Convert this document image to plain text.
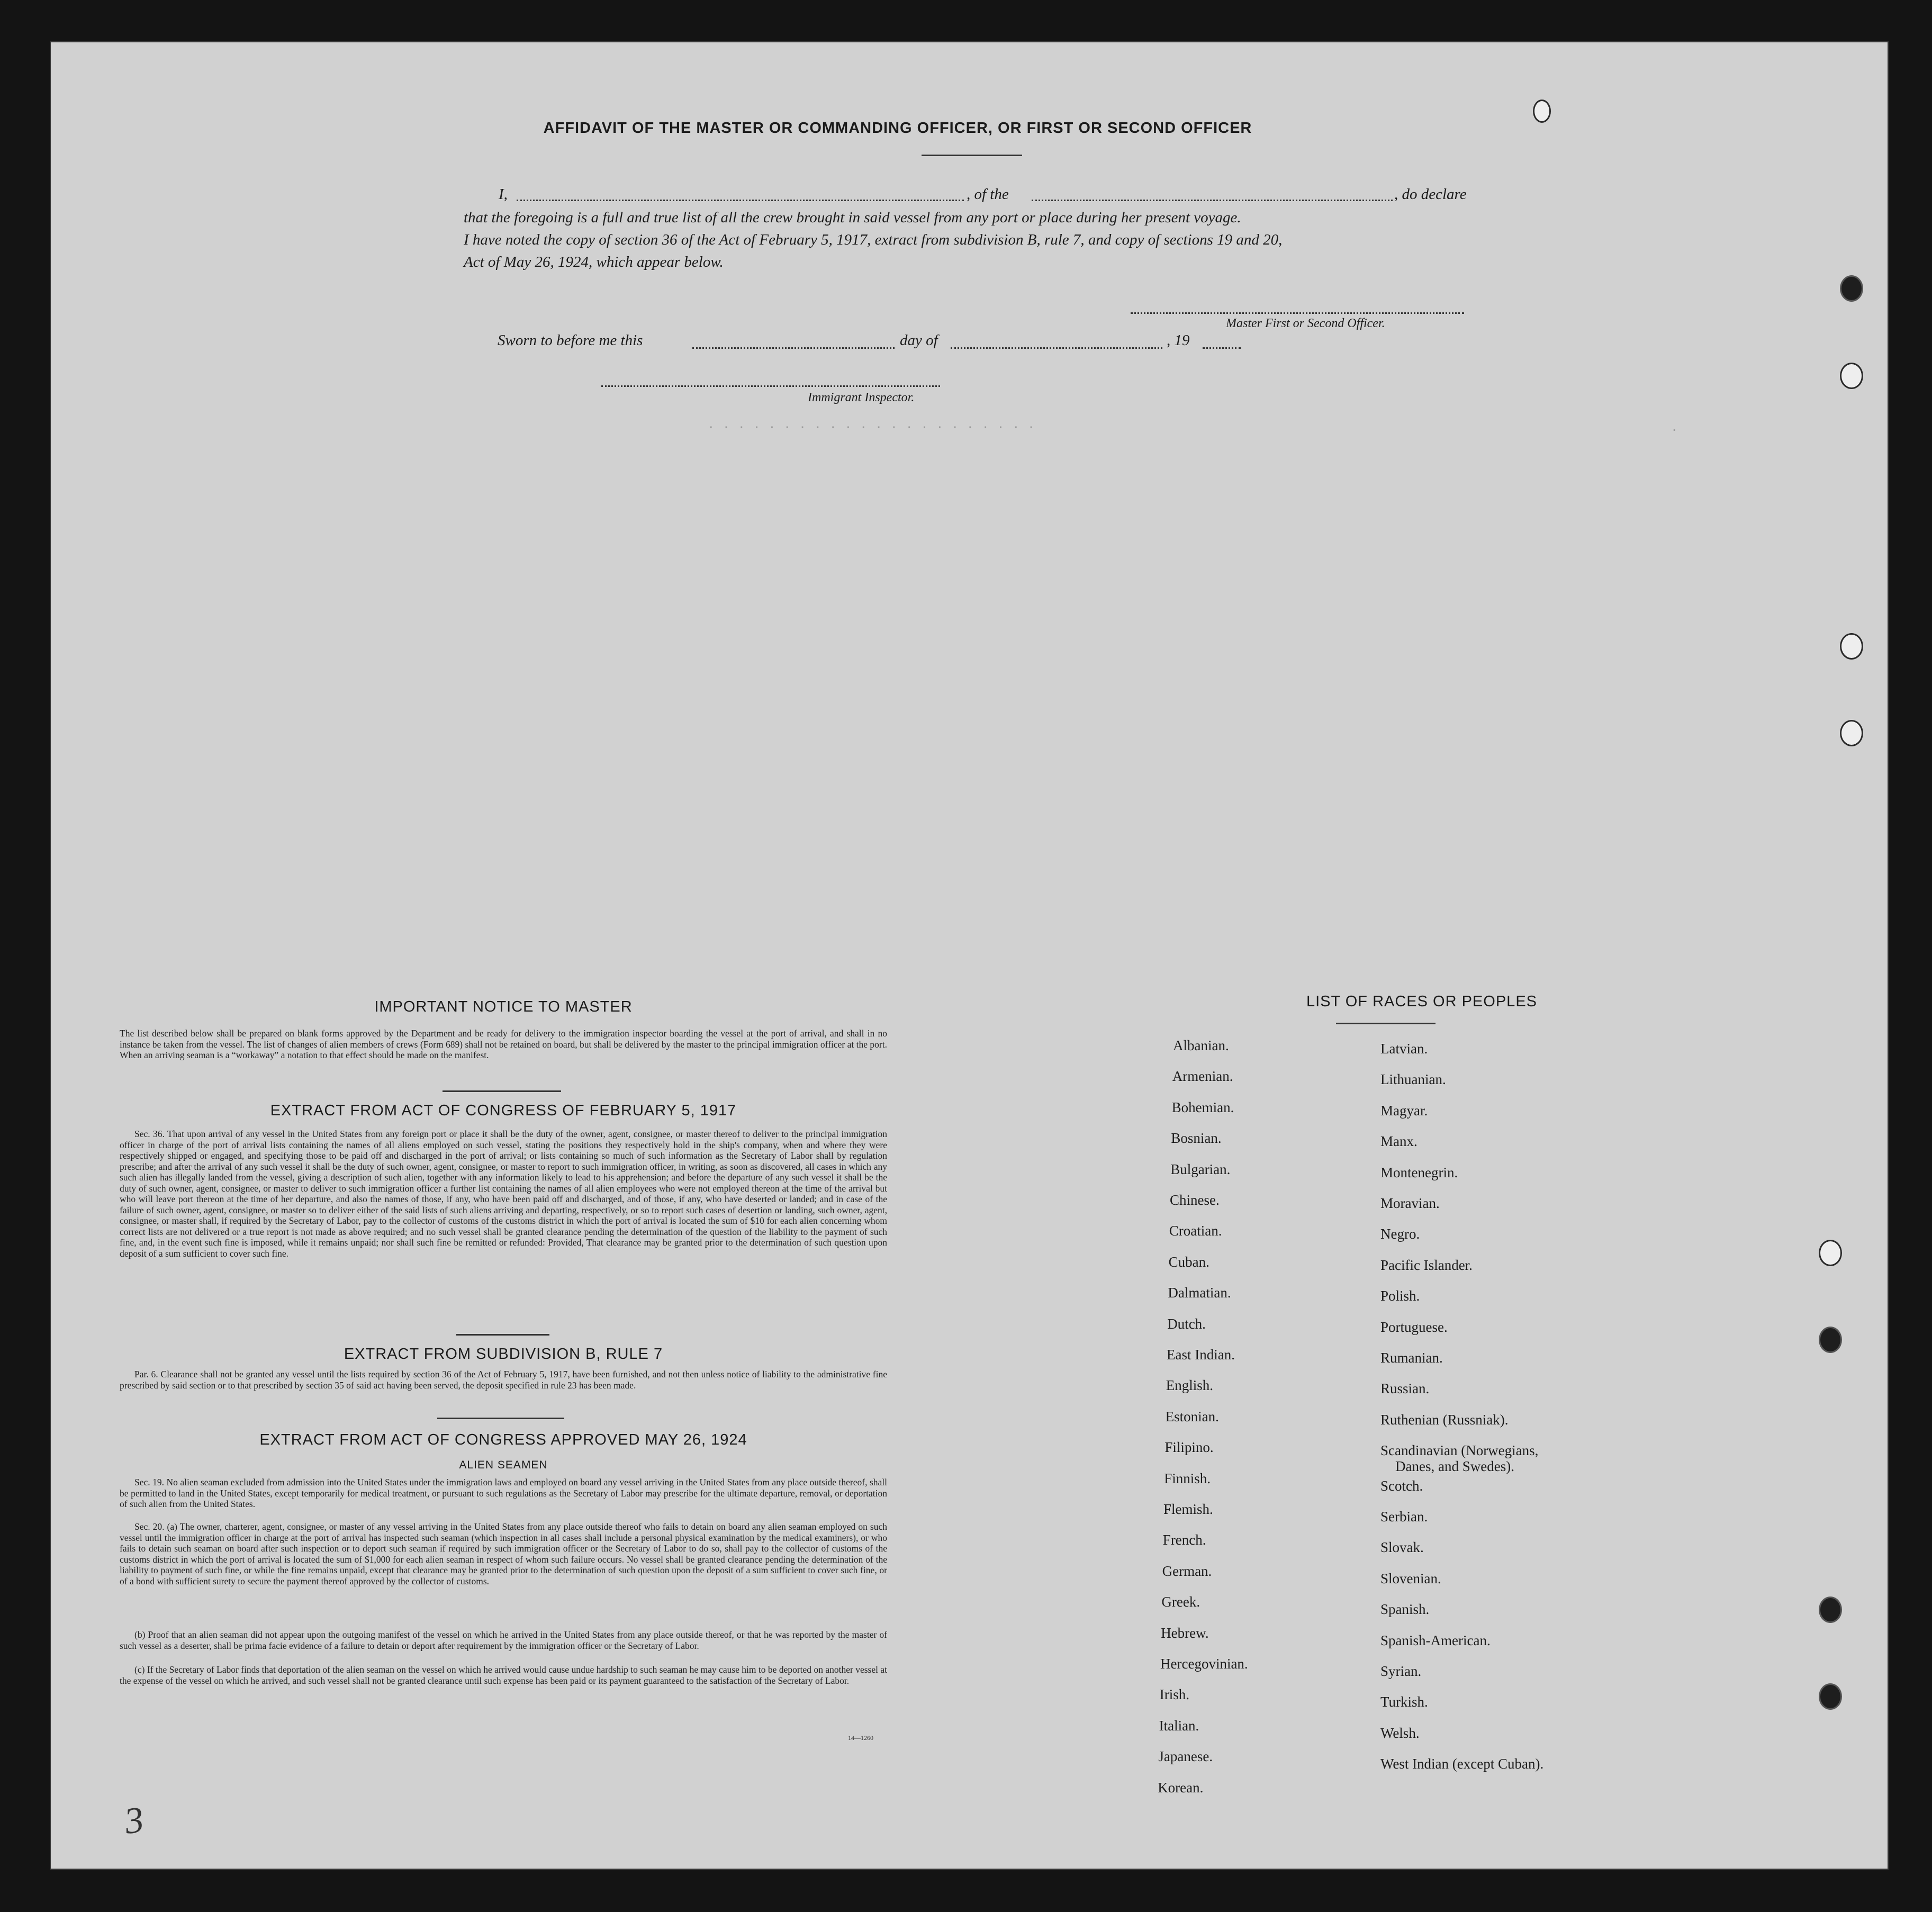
· · · · · · · · · · · · · · · · · · · · · ·	·
AFFIDAVIT OF THE MASTER OR COMMANDING OFFICER, OR FIRST OR SECOND OFFICER
I,	, of the	, do declare
that the foregoing is a full and true list of all the crew brought in said vessel from any port or place during her present voyage.
I have noted the copy of section 36 of the Act of February 5, 1917, extract from subdivision B, rule 7, and copy of sections 19 and 20,
Act of May 26, 1924, which appear below.
Master First or Second Officer.
Sworn to before me this	day of	, 19
Immigrant Inspector.
IMPORTANT NOTICE TO MASTER
The list described below shall be prepared on blank forms approved by the Department and be ready for delivery to the immigration inspector boarding the vessel at the port of arrival, and shall in no instance be taken from the vessel. The list of changes of alien members of crews (Form 689) shall not be retained on board, but shall be delivered by the master to the principal immigration officer at the port. When an arriving seaman is a “workaway” a notation to that effect should be made on the manifest.
EXTRACT FROM ACT OF CONGRESS OF FEBRUARY 5, 1917
Sec. 36. That upon arrival of any vessel in the United States from any foreign port or place it shall be the duty of the owner, agent, consignee, or master thereof to deliver to the principal immigration officer in charge of the port of arrival lists containing the names of all aliens employed on such vessel, stating the positions they respectively hold in the ship's company, when and where they were respectively shipped or engaged, and specifying those to be paid off and discharged in the port of arrival; or lists containing so much of such information as the Secretary of Labor shall by regulation prescribe; and after the arrival of any such vessel it shall be the duty of such owner, agent, consignee, or master to report to such immigration officer, in writing, as soon as discovered, all cases in which any such alien has illegally landed from the vessel, giving a description of such alien, together with any information likely to lead to his apprehension; and before the departure of any such vessel it shall be the duty of such owner, agent, consignee, or master to deliver to such immigration officer a further list containing the names of all alien employees who were not employed thereon at the time of the arrival but who will leave port thereon at the time of her departure, and also the names of those, if any, who have been paid off and discharged, and of those, if any, who have deserted or landed; and in case of the failure of such owner, agent, consignee, or master so to deliver either of the said lists of such aliens arriving and departing, respectively, or so to report such cases of desertion or landing, such owner, agent, consignee, or master shall, if required by the Secretary of Labor, pay to the collector of customs of the customs district in which the port of arrival is located the sum of $10 for each alien concerning whom correct lists are not delivered or a true report is not made as above required; and no such vessel shall be granted clearance pending the determination of the question of the liability to the payment of such fine, and, in the event such fine is imposed, while it remains unpaid; nor shall such fine be remitted or refunded: Provided, That clearance may be granted prior to the determination of such question upon deposit of a sum sufficient to cover such fine.
EXTRACT FROM SUBDIVISION B, RULE 7
Par. 6. Clearance shall not be granted any vessel until the lists required by section 36 of the Act of February 5, 1917, have been furnished, and not then unless notice of liability to the administrative fine prescribed by said section or to that prescribed by section 35 of said act having been served, the deposit specified in rule 23 has been made.
EXTRACT FROM ACT OF CONGRESS APPROVED MAY 26, 1924
ALIEN SEAMEN
Sec. 19. No alien seaman excluded from admission into the United States under the immigration laws and employed on board any vessel arriving in the United States from any place outside thereof, shall be permitted to land in the United States, except temporarily for medical treatment, or pursuant to such regulations as the Secretary of Labor may prescribe for the ultimate departure, removal, or deportation of such alien from the United States.
Sec. 20. (a) The owner, charterer, agent, consignee, or master of any vessel arriving in the United States from any place outside thereof who fails to detain on board any alien seaman employed on such vessel until the immigration officer in charge at the port of arrival has inspected such seaman (which inspection in all cases shall include a personal physical examination by the medical examiners), or who fails to detain such seaman on board after such inspection or to deport such seaman if required by such immigration officer or the Secretary of Labor to do so, shall pay to the collector of customs of the customs district in which the port of arrival is located the sum of $1,000 for each alien seaman in respect of whom such failure occurs. No vessel shall be granted clearance pending the determination of the liability to payment of such fine, or while the fine remains unpaid, except that clearance may be granted prior to the determination of such question upon the deposit of a sum sufficient to cover such fine, or of a bond with sufficient surety to secure the payment thereof approved by the collector of customs.
(b) Proof that an alien seaman did not appear upon the outgoing manifest of the vessel on which he arrived in the United States from any place outside thereof, or that he was reported by the master of such vessel as a deserter, shall be prima facie evidence of a failure to detain or deport after requirement by the immigration officer or the Secretary of Labor.
(c) If the Secretary of Labor finds that deportation of the alien seaman on the vessel on which he arrived would cause undue hardship to such seaman he may cause him to be deported on another vessel at the expense of the vessel on which he arrived, and such vessel shall not be granted clearance until such expense has been paid or its payment guaranteed to the satisfaction of the Secretary of Labor.
14—1260
LIST OF RACES OR PEOPLES
Albanian.
Armenian.
Bohemian.
Bosnian.
Bulgarian.
Chinese.
Croatian.
Cuban.
Dalmatian.
Dutch.
East Indian.
English.
Estonian.
Filipino.
Finnish.
Flemish.
French.
German.
Greek.
Hebrew.
Hercegovinian.
Irish.
Italian.
Japanese.
Korean.
Latvian.
Lithuanian.
Magyar.
Manx.
Montenegrin.
Moravian.
Negro.
Pacific Islander.
Polish.
Portuguese.
Rumanian.
Russian.
Ruthenian (Russniak).
Scandinavian (Norwegians,
Danes, and Swedes).
Scotch.
Serbian.
Slovak.
Slovenian.
Spanish.
Spanish-American.
Syrian.
Turkish.
Welsh.
West Indian (except Cuban).
3
